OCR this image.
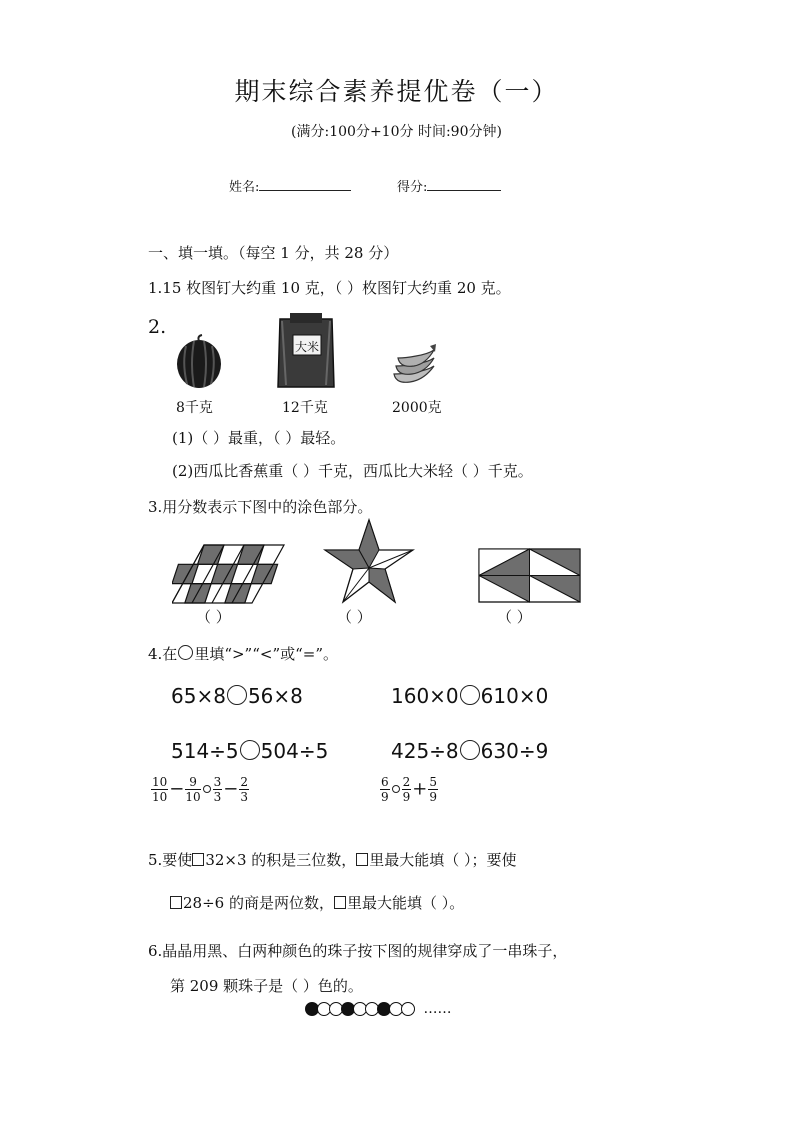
期末综合素养提优卷（一）
(满分:100分+10分 时间:90分钟)
姓名:	得分:
一、填一填。（每空 1 分，共 28 分）
1.15 枚图钉大约重 10 克，（ ）枚图钉大约重 20 克。
2.
大米
8千克	12千克	2000克
(1)（ ）最重，（ ）最轻。
(2)西瓜比香蕉重（ ）千克，西瓜比大米轻（ ）千克。
3.用分数表示下图中的涂色部分。
（ ）	（ ）	（ ）
4.在 里填“>”“<”或“=”。
65×8 56×8	160×0 610×0
514÷5 504÷5	425÷8 630÷9
$\frac{10}{10} - \frac{9}{10} \frac{3}{3} - \frac{2}{3}$	$\frac{6}{9} \frac{2}{9} + \frac{5}{9}$
5.要使 32×3 的积是三位数， 里最大能填（ ）；要使
28÷6 的商是两位数， 里最大能填（ ）。
6.晶晶用黑、白两种颜色的珠子按下图的规律穿成了一串珠子，
第 209 颗珠子是（ ）色的。
……
